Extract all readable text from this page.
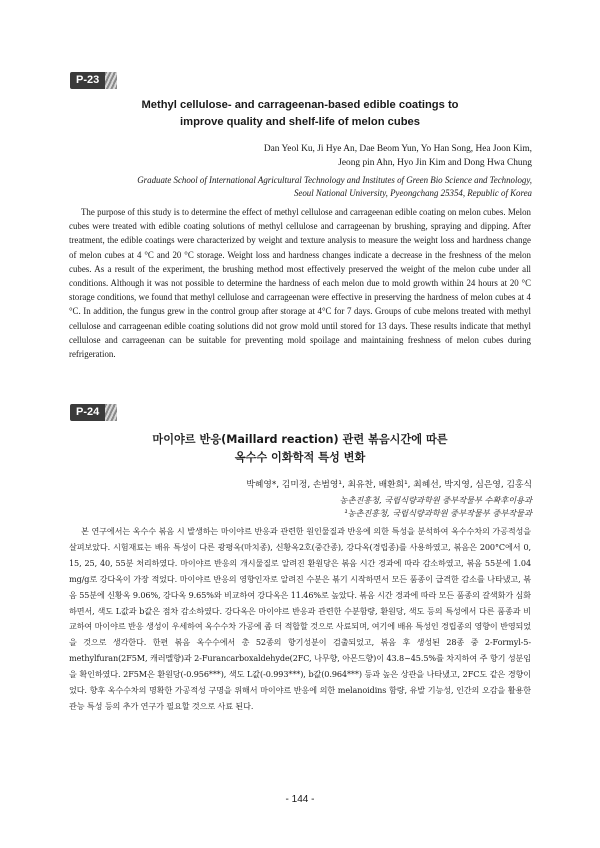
P-23
Methyl cellulose- and carrageenan-based edible coatings to
improve quality and shelf-life of melon cubes
Dan Yeol Ku, Ji Hye An, Dae Beom Yun, Yo Han Song, Hea Joon Kim,
Jeong pin Ahn, Hyo Jin Kim and Dong Hwa Chung
Graduate School of International Agricultural Technology and Institutes of Green Bio Science and Technology,
Seoul National University, Pyeongchang 25354, Republic of Korea

The purpose of this study is to determine the effect of methyl cellulose and carrageenan edible coating on melon cubes. Melon cubes were treated with edible coating solutions of methyl cellulose and carrageenan by brushing, spraying and dipping. After treatment, the edible coatings were characterized by weight and texture analysis to measure the weight loss and hardness change of melon cubes at 4 °C and 20 °C storage. Weight loss and hardness changes indicate a decrease in the freshness of the melon cubes. As a result of the experiment, the brushing method most effectively preserved the weight of the melon cube under all conditions. Although it was not possible to determine the hardness of each melon due to mold growth within 24 hours at 20 °C storage conditions, we found that methyl cellulose and carrageenan were effective in preserving the hardness of melon cubes at 4 °C. In addition, the fungus grew in the control group after storage at 4°C for 7 days. Groups of cube melons treated with methyl cellulose and carrageenan edible coating solutions did not grow mold until stored for 13 days. These results indicate that methyl cellulose and carrageenan can be suitable for preventing mold spoilage and maintaining freshness of melon cubes during refrigeration.

P-24
마이야르 반응(Maillard reaction) 관련 볶음시간에 따른
옥수수 이화학적 특성 변화
박혜영*, 김미정, 손범영¹, 최유찬, 배환희¹, 최혜선, 박지영, 심은영, 김홍식
농촌진흥청, 국립식량과학원 중부작물부 수확후이용과
¹농촌진흥청, 국립식량과학원 중부작물부 중부작물과

본 연구에서는 옥수수 볶음 시 발생하는 마이야르 반응과 관련한 원인물질과 반응에 의한 특성을 분석하여 옥수수차의 가공적성을 살펴보았다. 시험재료는 배유 특성이 다른 광평옥(마치종), 신황옥2호(중간종), 강다옥(경립종)를 사용하였고, 볶음은 200°C에서 0, 15, 25, 40, 55분 처리하였다. 마이야르 반응의 개시물질로 알려진 환원당은 볶음 시간 경과에 따라 감소하였고, 볶음 55분에 1.04 mg/g로 강다옥이 가장 적었다. 마이야르 반응의 영향인자로 알려진 수분은 볶기 시작하면서 모든 품종이 급격한 감소를 나타냈고, 볶음 55분에 신황옥 9.06%, 강다옥 9.65%와 비교하여 강다옥은 11.46%로 높았다. 볶음 시간 경과에 따라 모든 품종의 갈색화가 심화하면서, 색도 L값과 b값은 점차 감소하였다. 강다옥은 마이야르 반응과 관련한 수분함량, 환원당, 색도 등의 특성에서 다른 품종과 비교하여 마이야르 반응 생성이 우세하여 옥수수차 가공에 좀 더 적합할 것으로 사료되며, 여기에 배유 특성인 경립종의 영향이 반영되었을 것으로 생각한다. 한편 볶음 옥수수에서 총 52종의 향기성분이 검출되었고, 볶음 후 생성된 28종 중 2-Formyl-5-methylfuran(2F5M, 캐러멜향)과 2-Furancarboxaldehyde(2FC, 나무향, 아몬드향)이 43.8~45.5%를 차지하여 주 향기 성분임을 확인하였다. 2F5M은 환원당(-0.956***), 색도 L값(-0.993***), b값(0.964***) 등과 높은 상관을 나타냈고, 2FC도 같은 경향이었다. 향후 옥수수차의 명확한 가공적성 구명을 위해서 마이야르 반응에 의한 melanoidins 함량, 유발 기능성, 인간의 오감을 활용한 관능 특성 등의 추가 연구가 필요할 것으로 사료 된다.

- 144 -
